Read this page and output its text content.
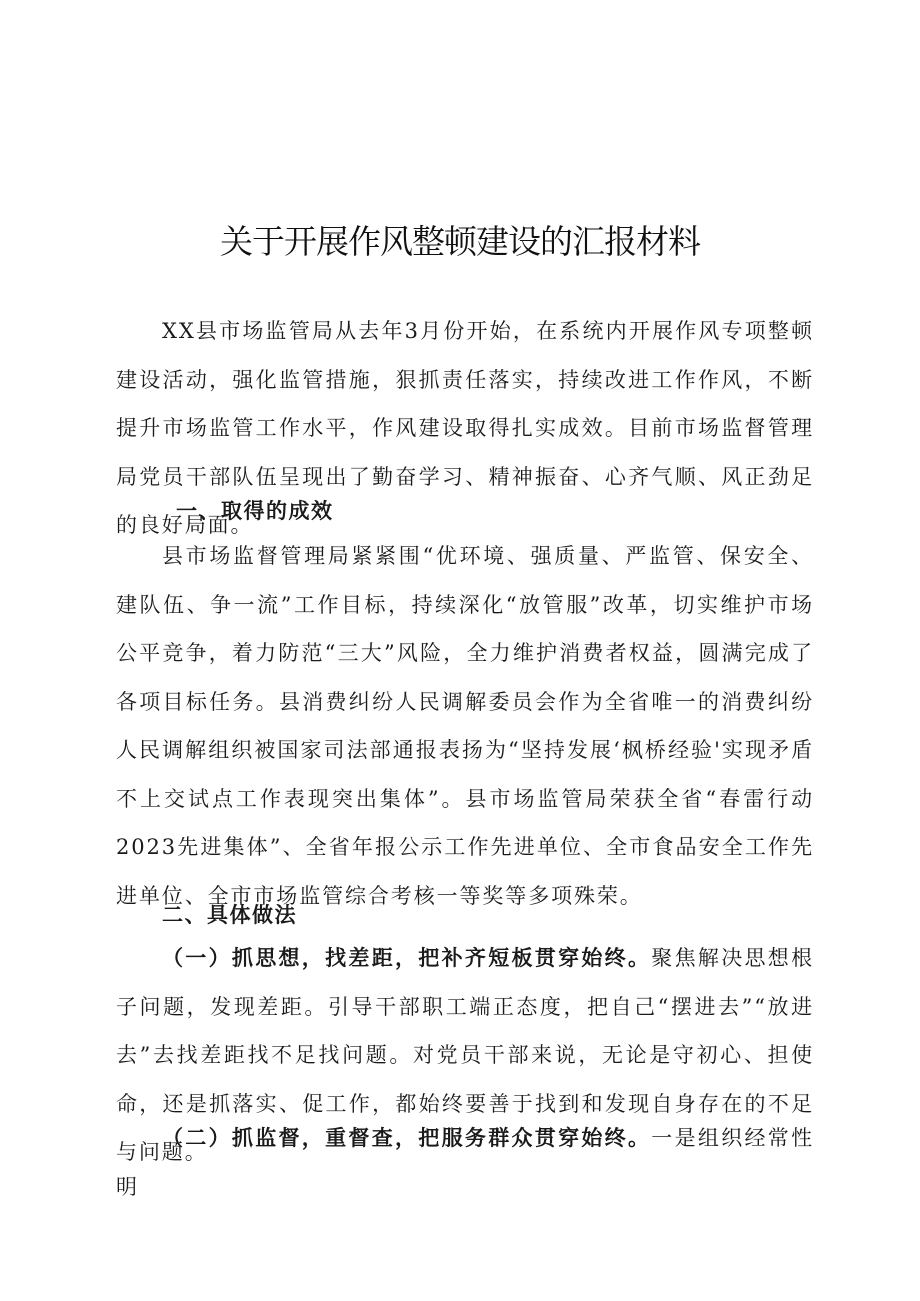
关于开展作风整顿建设的汇报材料

XX县市场监管局从去年3月份开始，在系统内开展作风专项整顿建设活动，强化监管措施，狠抓责任落实，持续改进工作作风，不断提升市场监管工作水平，作风建设取得扎实成效。目前市场监督管理局党员干部队伍呈现出了勤奋学习、精神振奋、心齐气顺、风正劲足的良好局面。

一、取得的成效

县市场监督管理局紧紧围“优环境、强质量、严监管、保安全、建队伍、争一流”工作目标，持续深化“放管服”改革，切实维护市场公平竞争，着力防范“三大”风险，全力维护消费者权益，圆满完成了各项目标任务。县消费纠纷人民调解委员会作为全省唯一的消费纠纷人民调解组织被国家司法部通报表扬为“坚持发展‘枫桥经验'实现矛盾不上交试点工作表现突出集体”。县市场监管局荣获全省“春雷行动2023先进集体”、全省年报公示工作先进单位、全市食品安全工作先进单位、全市市场监管综合考核一等奖等多项殊荣。

二、具体做法

（一）抓思想，找差距，把补齐短板贯穿始终。聚焦解决思想根子问题，发现差距。引导干部职工端正态度，把自己“摆进去”“放进去”去找差距找不足找问题。对党员干部来说，无论是守初心、担使命，还是抓落实、促工作，都始终要善于找到和发现自身存在的不足与问题。

（二）抓监督，重督查，把服务群众贯穿始终。一是组织经常性明
